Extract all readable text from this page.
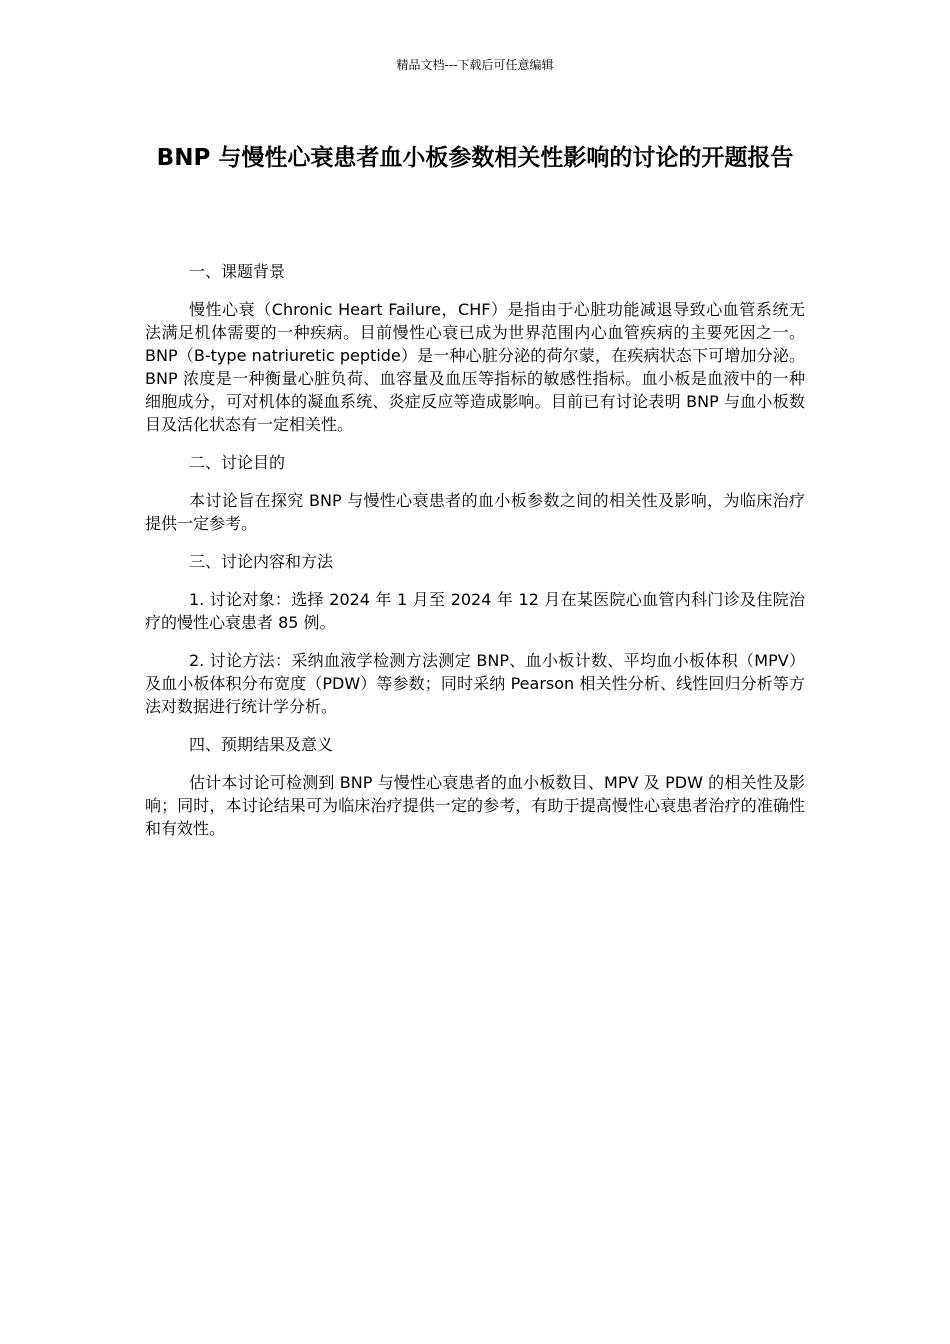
精品文档---下载后可任意编辑
BNP 与慢性心衰患者血小板参数相关性影响的讨论的开题报告

一、课题背景

慢性心衰（Chronic Heart Failure，CHF）是指由于心脏功能减退导致心血管系统无法满足机体需要的一种疾病。目前慢性心衰已成为世界范围内心血管疾病的主要死因之一。BNP（B-type natriuretic peptide）是一种心脏分泌的荷尔蒙，在疾病状态下可增加分泌。BNP 浓度是一种衡量心脏负荷、血容量及血压等指标的敏感性指标。血小板是血液中的一种细胞成分，可对机体的凝血系统、炎症反应等造成影响。目前已有讨论表明 BNP 与血小板数目及活化状态有一定相关性。

二、讨论目的

本讨论旨在探究 BNP 与慢性心衰患者的血小板参数之间的相关性及影响，为临床治疗提供一定参考。

三、讨论内容和方法

1. 讨论对象：选择 2024 年 1 月至 2024 年 12 月在某医院心血管内科门诊及住院治疗的慢性心衰患者 85 例。

2. 讨论方法：采纳血液学检测方法测定 BNP、血小板计数、平均血小板体积（MPV）及血小板体积分布宽度（PDW）等参数；同时采纳 Pearson 相关性分析、线性回归分析等方法对数据进行统计学分析。

四、预期结果及意义

估计本讨论可检测到 BNP 与慢性心衰患者的血小板数目、MPV 及 PDW 的相关性及影响；同时，本讨论结果可为临床治疗提供一定的参考，有助于提高慢性心衰患者治疗的准确性和有效性。
